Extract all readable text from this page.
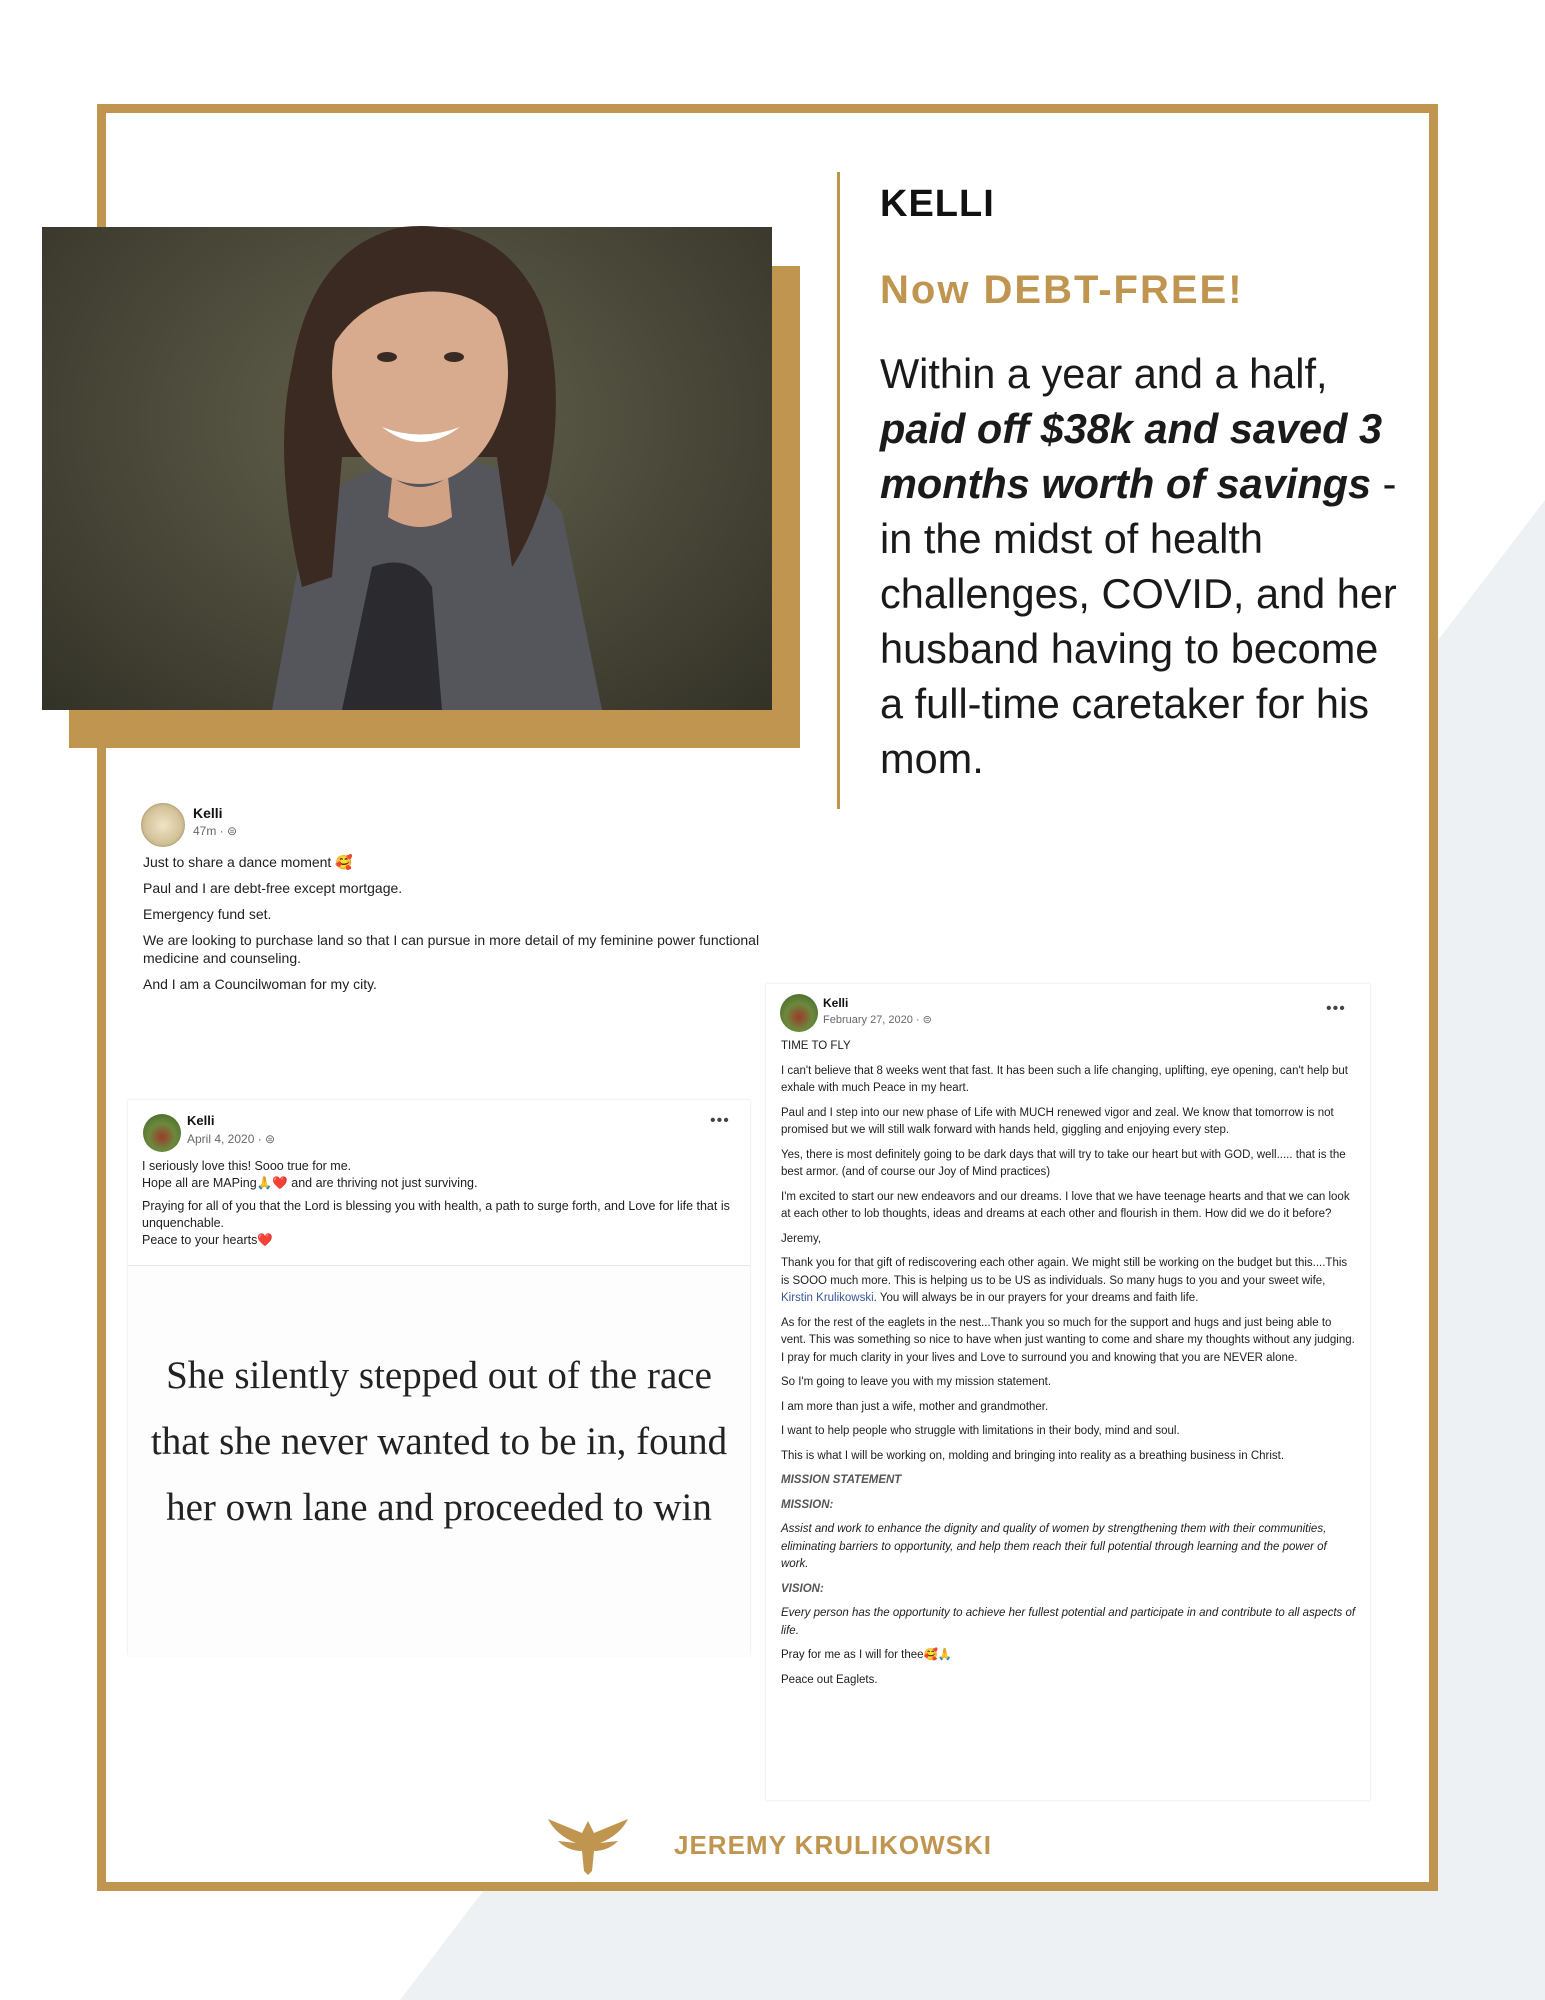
KELLI
Now DEBT-FREE!
Within a year and a half, paid off $38k and saved 3 months worth of savings - in the midst of health challenges, COVID, and her husband having to become a full-time caretaker for his mom.
Kelli
47m · ⊜

Just to share a dance moment 🥰

Paul and I are debt-free except mortgage.

Emergency fund set.

We are looking to purchase land so that I can pursue in more detail of my feminine power functional medicine and counseling.

And I am a Councilwoman for my city.

Kelli
April 4, 2020 · ⊜
•••

I seriously love this! Sooo true for me.
Hope all are MAPing🙏❤️ and are thriving not just surviving.

Praying for all of you that the Lord is blessing you with health, a path to surge forth, and Love for life that is unquenchable.
Peace to your hearts❤️

She silently stepped out of the race that she never wanted to be in, found her own lane and proceeded to win
Kelli
February 27, 2020 · ⊜
•••

TIME TO FLY

I can't believe that 8 weeks went that fast. It has been such a life changing, uplifting, eye opening, can't help but exhale with much Peace in my heart.

Paul and I step into our new phase of Life with MUCH renewed vigor and zeal. We know that tomorrow is not promised but we will still walk forward with hands held, giggling and enjoying every step.

Yes, there is most definitely going to be dark days that will try to take our heart but with GOD, well..... that is the best armor. (and of course our Joy of Mind practices)

I'm excited to start our new endeavors and our dreams. I love that we have teenage hearts and that we can look at each other to lob thoughts, ideas and dreams at each other and flourish in them. How did we do it before?

Jeremy,

Thank you for that gift of rediscovering each other again. We might still be working on the budget but this....This is SOOO much more. This is helping us to be US as individuals. So many hugs to you and your sweet wife, Kirstin Krulikowski. You will always be in our prayers for your dreams and faith life.

As for the rest of the eaglets in the nest...Thank you so much for the support and hugs and just being able to vent. This was something so nice to have when just wanting to come and share my thoughts without any judging. I pray for much clarity in your lives and Love to surround you and knowing that you are NEVER alone.

So I'm going to leave you with my mission statement.

I am more than just a wife, mother and grandmother.

I want to help people who struggle with limitations in their body, mind and soul.

This is what I will be working on, molding and bringing into reality as a breathing business in Christ.

MISSION STATEMENT

MISSION:

Assist and work to enhance the dignity and quality of women by strengthening them with their communities, eliminating barriers to opportunity, and help them reach their full potential through learning and the power of work.

VISION:

Every person has the opportunity to achieve her fullest potential and participate in and contribute to all aspects of life.

Pray for me as I will for thee🥰🙏

Peace out Eaglets.

JEREMY KRULIKOWSKI
